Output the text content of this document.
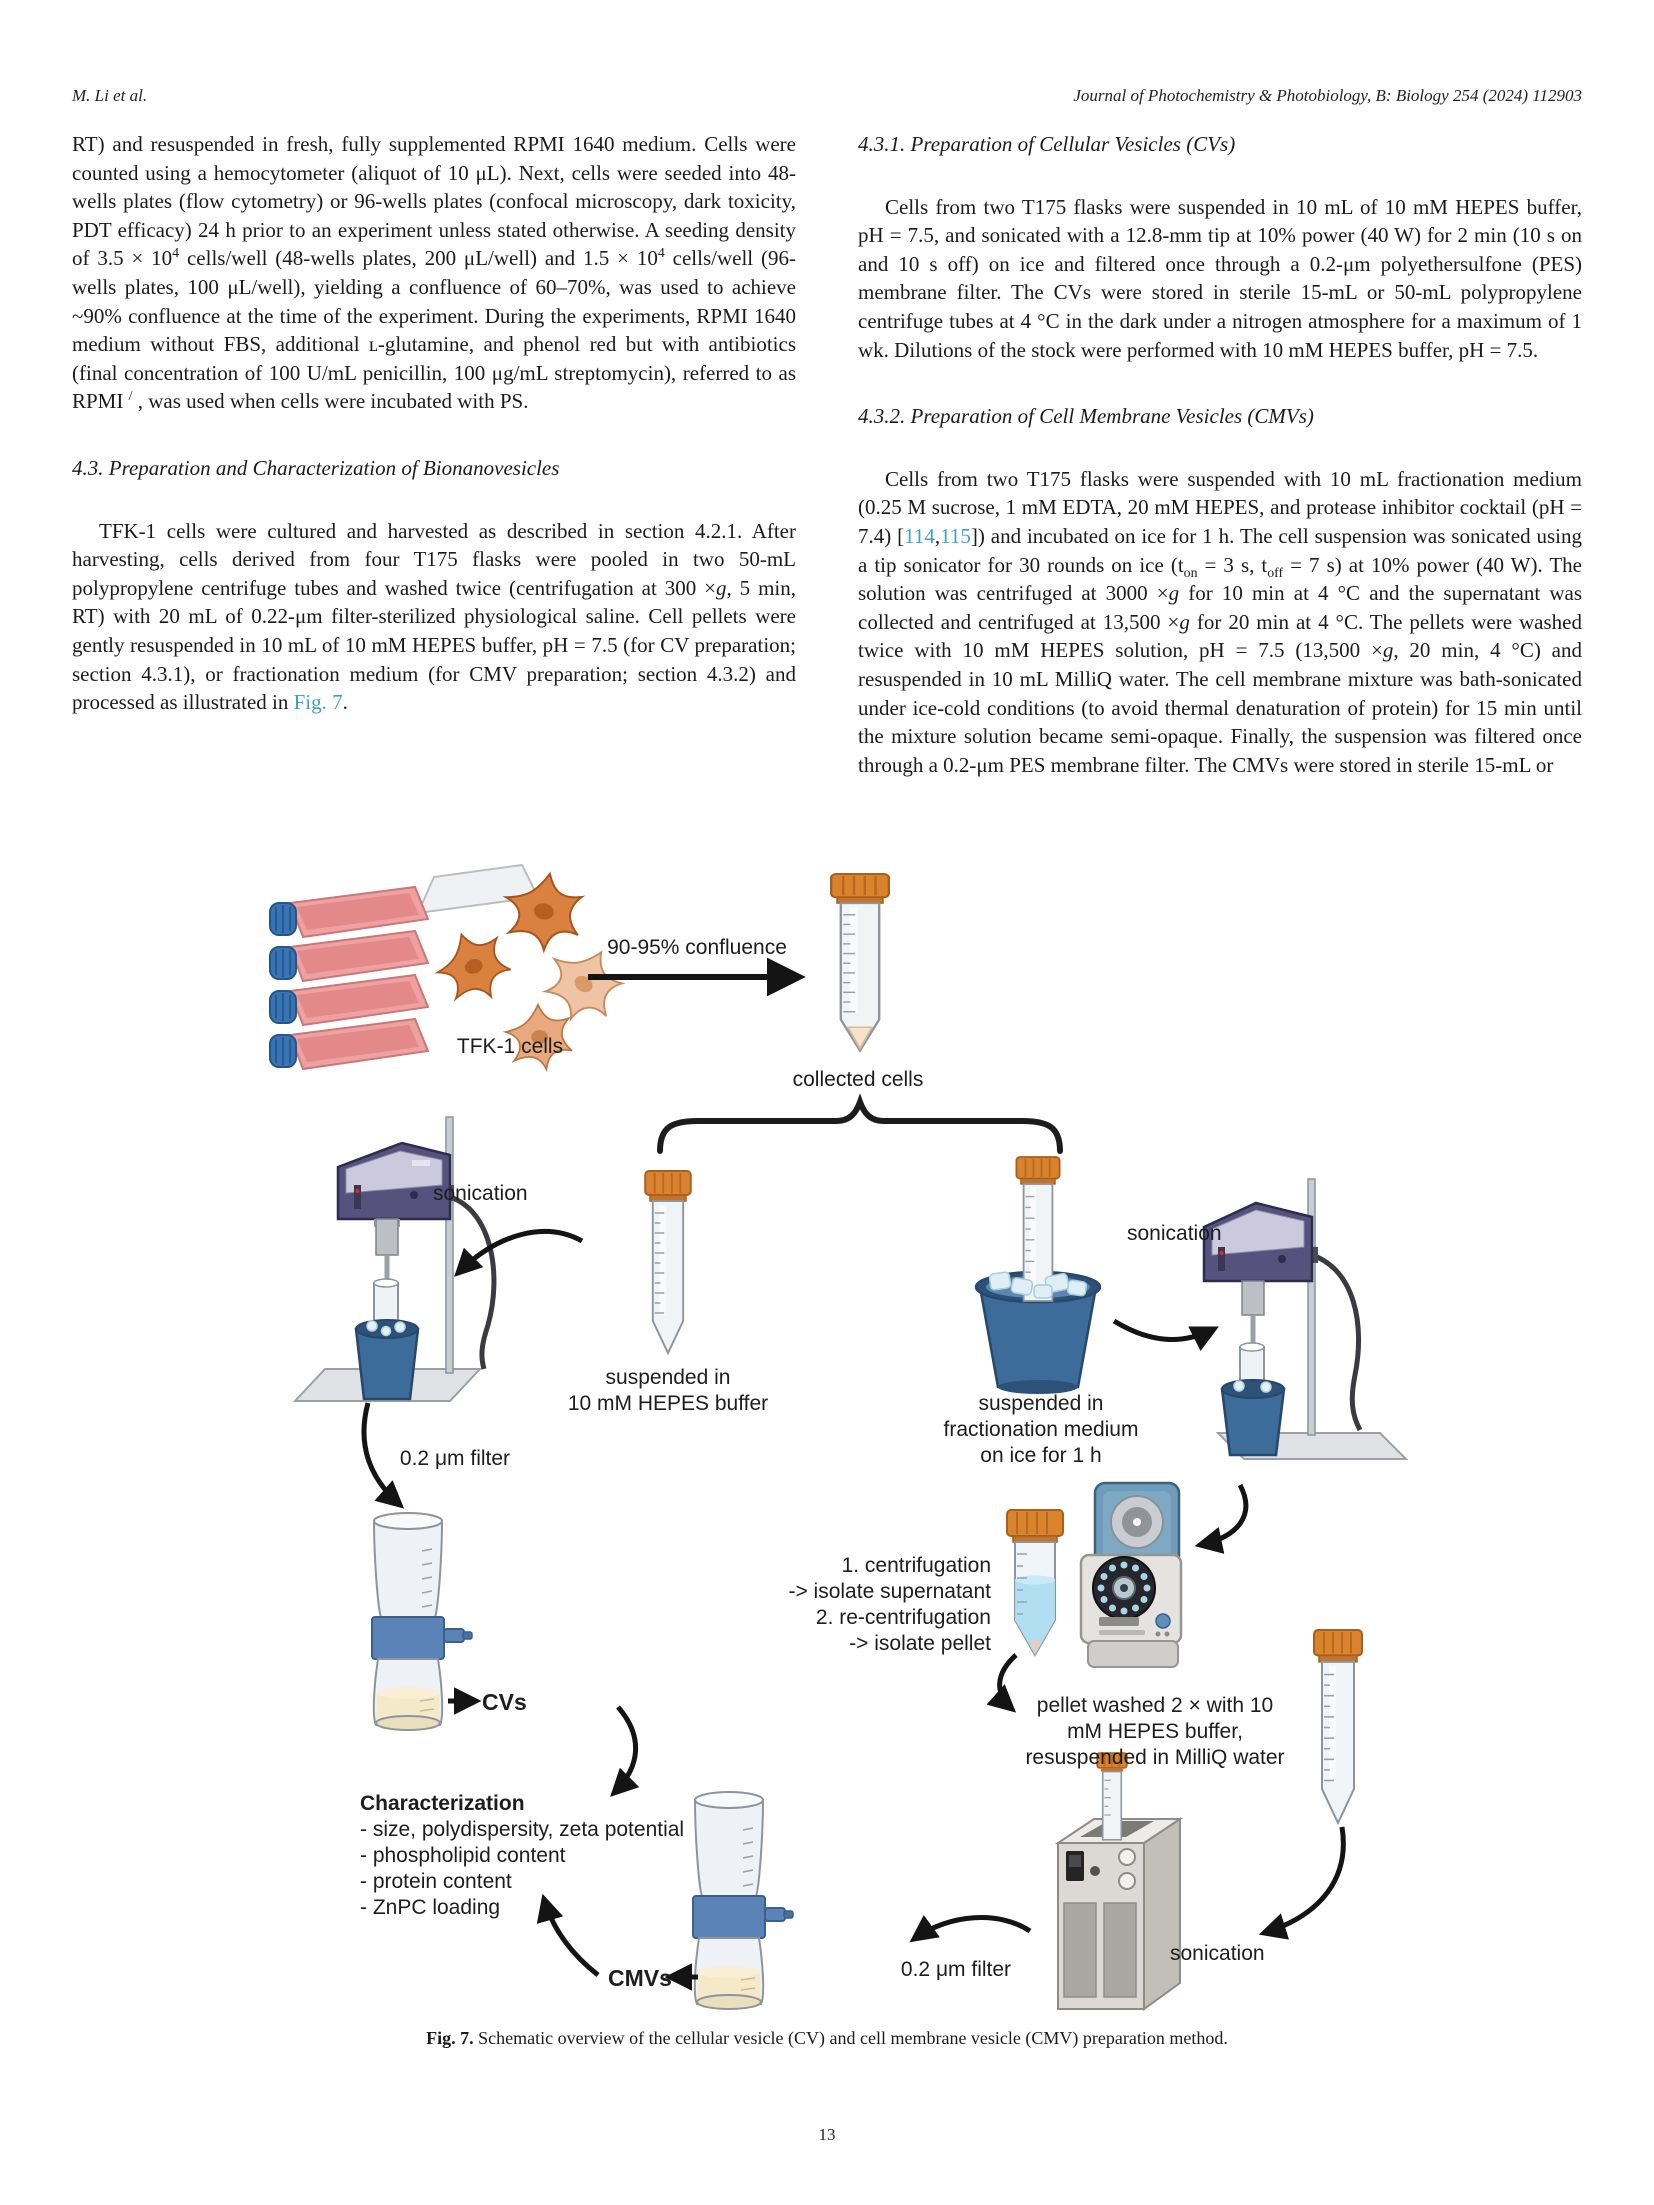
M. Li et al.	Journal of Photochemistry & Photobiology, B: Biology 254 (2024) 112903

RT) and resuspended in fresh, fully supplemented RPMI 1640 medium. Cells were counted using a hemocytometer (aliquot of 10 μL). Next, cells were seeded into 48-wells plates (flow cytometry) or 96-wells plates (confocal microscopy, dark toxicity, PDT efficacy) 24 h prior to an experiment unless stated otherwise. A seeding density of $3.5 \times 10^4$ cells/well (48-wells plates, 200 μL/well) and $1.5 \times 10^4$ cells/well (96-wells plates, 100 μL/well), yielding a confluence of 60–70%, was used to achieve ~90% confluence at the time of the experiment. During the experiments, RPMI 1640 medium without FBS, additional ʟ-glutamine, and phenol red but with antibiotics (final concentration of 100 U/mL penicillin, 100 μg/mL streptomycin), referred to as RPMI / , was used when cells were incubated with PS.

4.3. Preparation and Characterization of Bionanovesicles

TFK-1 cells were cultured and harvested as described in section 4.2.1. After harvesting, cells derived from four T175 flasks were pooled in two 50-mL polypropylene centrifuge tubes and washed twice (centrifugation at 300 ×g, 5 min, RT) with 20 mL of 0.22-μm filter-sterilized physiological saline. Cell pellets were gently resuspended in 10 mL of 10 mM HEPES buffer, pH = 7.5 (for CV preparation; section 4.3.1), or fractionation medium (for CMV preparation; section 4.3.2) and processed as illustrated in Fig. 7.

4.3.1. Preparation of Cellular Vesicles (CVs)

Cells from two T175 flasks were suspended in 10 mL of 10 mM HEPES buffer, pH = 7.5, and sonicated with a 12.8-mm tip at 10% power (40 W) for 2 min (10 s on and 10 s off) on ice and filtered once through a 0.2-μm polyethersulfone (PES) membrane filter. The CVs were stored in sterile 15-mL or 50-mL polypropylene centrifuge tubes at 4 °C in the dark under a nitrogen atmosphere for a maximum of 1 wk. Dilutions of the stock were performed with 10 mM HEPES buffer, pH = 7.5.

4.3.2. Preparation of Cell Membrane Vesicles (CMVs)

Cells from two T175 flasks were suspended with 10 mL fractionation medium (0.25 M sucrose, 1 mM EDTA, 20 mM HEPES, and protease inhibitor cocktail (pH = 7.4) [114,115]) and incubated on ice for 1 h. The cell suspension was sonicated using a tip sonicator for 30 rounds on ice ($t_{on} = 3$ s, $t_{off} = 7$ s) at 10% power (40 W). The solution was centrifuged at 3000 ×g for 10 min at 4 °C and the supernatant was collected and centrifuged at 13,500 ×g for 20 min at 4 °C. The pellets were washed twice with 10 mM HEPES solution, pH = 7.5 (13,500 ×g, 20 min, 4 °C) and resuspended in 10 mL MilliQ water. The cell membrane mixture was bath-sonicated under ice-cold conditions (to avoid thermal denaturation of protein) for 15 min until the mixture solution became semi-opaque. Finally, the suspension was filtered once through a 0.2-μm PES membrane filter. The CMVs were stored in sterile 15-mL or

90-95% confluence
TFK-1 cells
collected cells
sonication
sonication
suspended in
10 mM HEPES buffer	suspended in
fractionation medium
on ice for 1 h
0.2 μm filter
1. centrifugation
-> isolate supernatant
2. re-centrifugation
-> isolate pellet
pellet washed 2 × with 10
mM HEPES buffer,
resuspended in MilliQ water
CVs
Characterization
- size, polydispersity, zeta potential
- phospholipid content
- protein content
- ZnPC loading
CMVs	0.2 μm filter
sonication
Fig. 7. Schematic overview of the cellular vesicle (CV) and cell membrane vesicle (CMV) preparation method.
13
